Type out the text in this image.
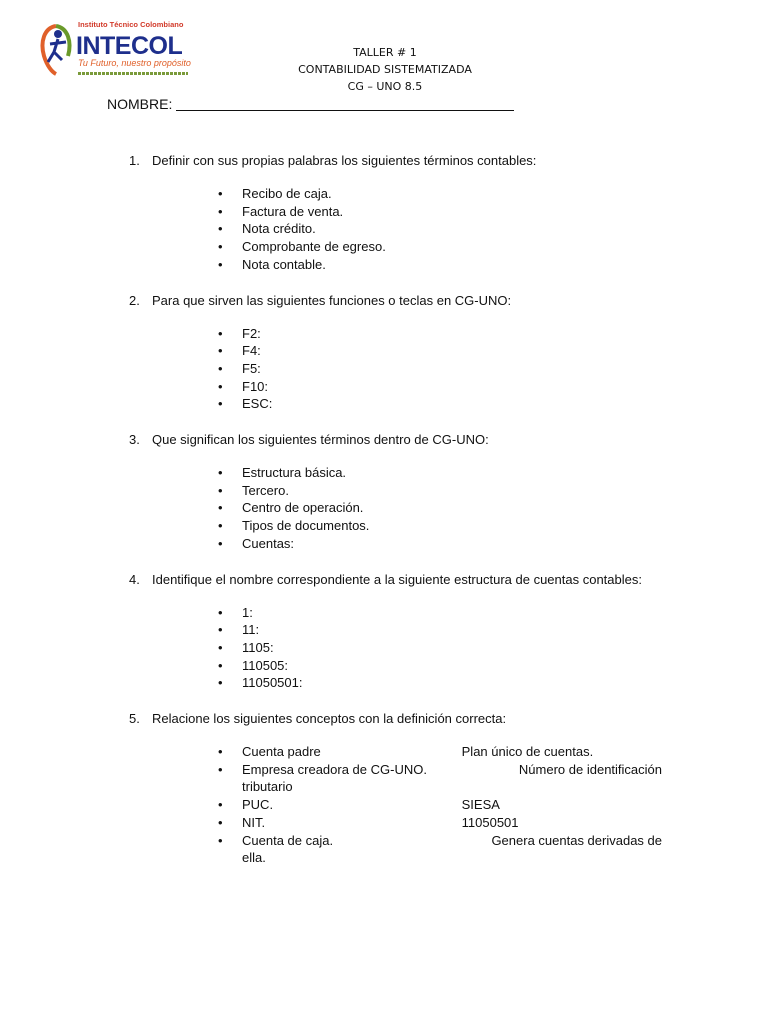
Instituto Técnico Colombiano
INTECOL
Tu Futuro, nuestro propósito
TALLER # 1
CONTABILIDAD SISTEMATIZADA
CG – UNO 8.5
NOMBRE:
1. Definir con sus propias palabras los siguientes términos contables:
• Recibo de caja.
• Factura de venta.
• Nota crédito.
• Comprobante de egreso.
• Nota contable.
2. Para que sirven las siguientes funciones o teclas en CG-UNO:
• F2:
• F4:
• F5:
• F10:
• ESC:
3. Que significan los siguientes términos dentro de CG-UNO:
• Estructura básica.
• Tercero.
• Centro de operación.
• Tipos de documentos.
• Cuentas:
4. Identifique el nombre correspondiente a la siguiente estructura de cuentas contables:
• 1:
• 11:
• 1105:
• 110505:
• 11050501:
5. Relacione los siguientes conceptos con la definición correcta:
• Cuenta padre	Plan único de cuentas.
• Empresa creadora de CG-UNO.	Número de identificación
tributario
• PUC.	SIESA
• NIT.	11050501
• Cuenta de caja.	Genera cuentas derivadas de
ella.
